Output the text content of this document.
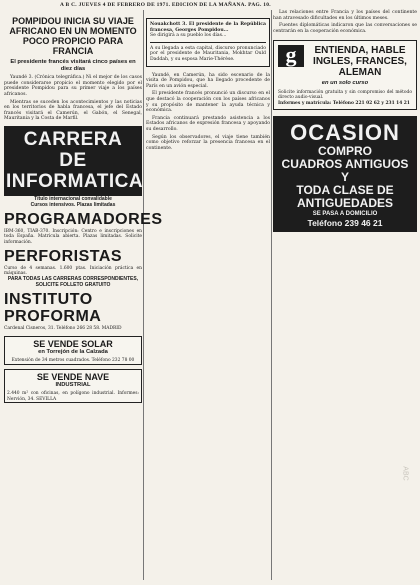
A B C. JUEVES 4 DE FEBRERO DE 1971. EDICION DE LA MAÑANA. PAG. 10.
POMPIDOU INICIA SU VIAJE AFRICANO EN UN MOMENTO POCO PROPICIO PARA FRANCIA
El presidente francés visitará cinco países en diez días

Yaundé 3. (Crónica telegráfica.) Ni el mejor de los casos puede considerarse propicio el momento elegido por el presidente Pompidou para su primer viaje a los países africanos.

Mientras se suceden los acontecimientos y las noticias en los territorios de habla francesa, el jefe del Estado francés visitará el Camerún, el Gabón, el Senegal, Mauritania y la Costa de Marfil.

CARRERA
DE INFORMATICA
Título internacional convalidable
Cursos intensivos. Plazas limitadas
PROGRAMADORES
IBM-360, TIAB-370. Inscripción: Centro e inscripciones en toda España. Matrícula abierta. Plazas limitadas. Solicite información.
PERFORISTAS
Curso de 4 semanas. 1.600 ptas. Iniciación práctica en máquinas.
PARA TODAS LAS CARRERAS CORRESPONDIENTES, SOLICITE FOLLETO GRATUITO
INSTITUTO PROFORMA
Cardenal Cisneros, 31. Teléfono 266 28 58. MADRID
SE VENDE SOLAR
en Torrejón de la Calzada
Extensión de 34 metros cuadrados. Teléfono 232 78 00
SE VENDE NAVE
INDUSTRIAL
2.440 m² con oficinas, en polígono industrial. Informes: Nervión, 34. SEVILLA
Nouakchott 3. El presidente de la República francesa, Georges Pompidou...
Se dirigirá a su pueblo los días...
A su llegada a esta capital, discurso pronunciado por el presidente de Mauritania, Mokhtar Ould Daddah, y su esposa Marie-Thérèse.

Yaundé, en Camerún, ha sido escenario de la visita de Pompidou, que ha llegado procedente de París en un avión especial.

El presidente francés pronunció un discurso en el que destacó la cooperación con los países africanos y su propósito de mantener la ayuda técnica y económica.

Francia continuará prestando asistencia a los Estados africanos de expresión francesa y apoyando su desarrollo.

Según los observadores, el viaje tiene también como objetivo reforzar la presencia francesa en el continente.

Las relaciones entre Francia y los países del continente han atravesado dificultades en los últimos meses.

Fuentes diplomáticas indicaron que las conversaciones se centrarán en la cooperación económica.

g	ENTIENDA, HABLE INGLES, FRANCES, ALEMAN
en un solo curso
Solicite información gratuita y sin compromiso del método directo audio-visual.
Informes y matrícula: Teléfono 221 02 62 y 231 14 21
OCASION
COMPRO
CUADROS ANTIGUOS
Y
TODA CLASE DE
ANTIGUEDADES
SE PASA A DOMICILIO
Teléfono 239 46 21
ABC
